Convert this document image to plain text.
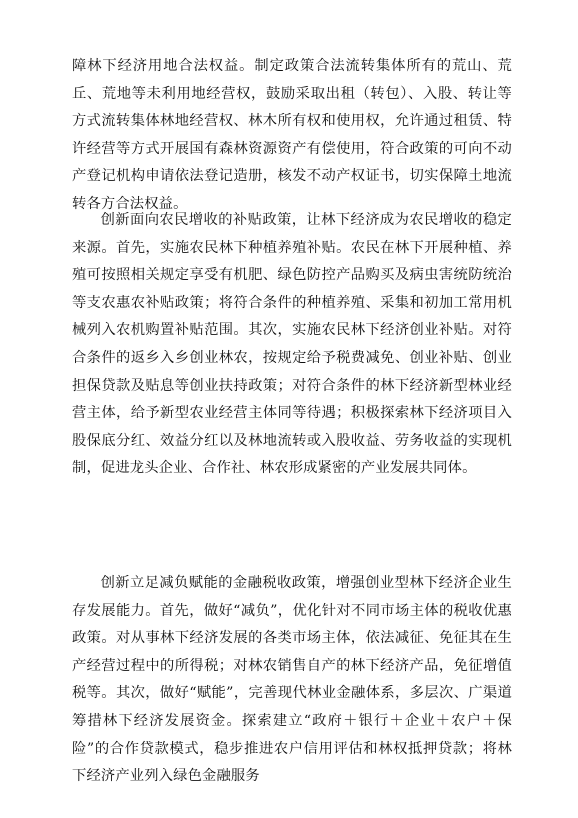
障林下经济用地合法权益。制定政策合法流转集体所有的荒山、荒丘、荒地等未利用地经营权，鼓励采取出租（转包）、入股、转让等方式流转集体林地经营权、林木所有权和使用权，允许通过租赁、特许经营等方式开展国有森林资源资产有偿使用，符合政策的可向不动产登记机构申请依法登记造册，核发不动产权证书，切实保障土地流转各方合法权益。

创新面向农民增收的补贴政策，让林下经济成为农民增收的稳定来源。首先，实施农民林下种植养殖补贴。农民在林下开展种植、养殖可按照相关规定享受有机肥、绿色防控产品购买及病虫害统防统治等支农惠农补贴政策；将符合条件的种植养殖、采集和初加工常用机械列入农机购置补贴范围。其次，实施农民林下经济创业补贴。对符合条件的返乡入乡创业林农，按规定给予税费减免、创业补贴、创业担保贷款及贴息等创业扶持政策；对符合条件的林下经济新型林业经营主体，给予新型农业经营主体同等待遇；积极探索林下经济项目入股保底分红、效益分红以及林地流转或入股收益、劳务收益的实现机制，促进龙头企业、合作社、林农形成紧密的产业发展共同体。

创新立足减负赋能的金融税收政策，增强创业型林下经济企业生存发展能力。首先，做好“减负”，优化针对不同市场主体的税收优惠政策。对从事林下经济发展的各类市场主体，依法减征、免征其在生产经营过程中的所得税；对林农销售自产的林下经济产品，免征增值税等。其次，做好“赋能”，完善现代林业金融体系，多层次、广渠道筹措林下经济发展资金。探索建立“政府＋银行＋企业＋农户＋保险”的合作贷款模式，稳步推进农户信用评估和林权抵押贷款；将林下经济产业列入绿色金融服务
